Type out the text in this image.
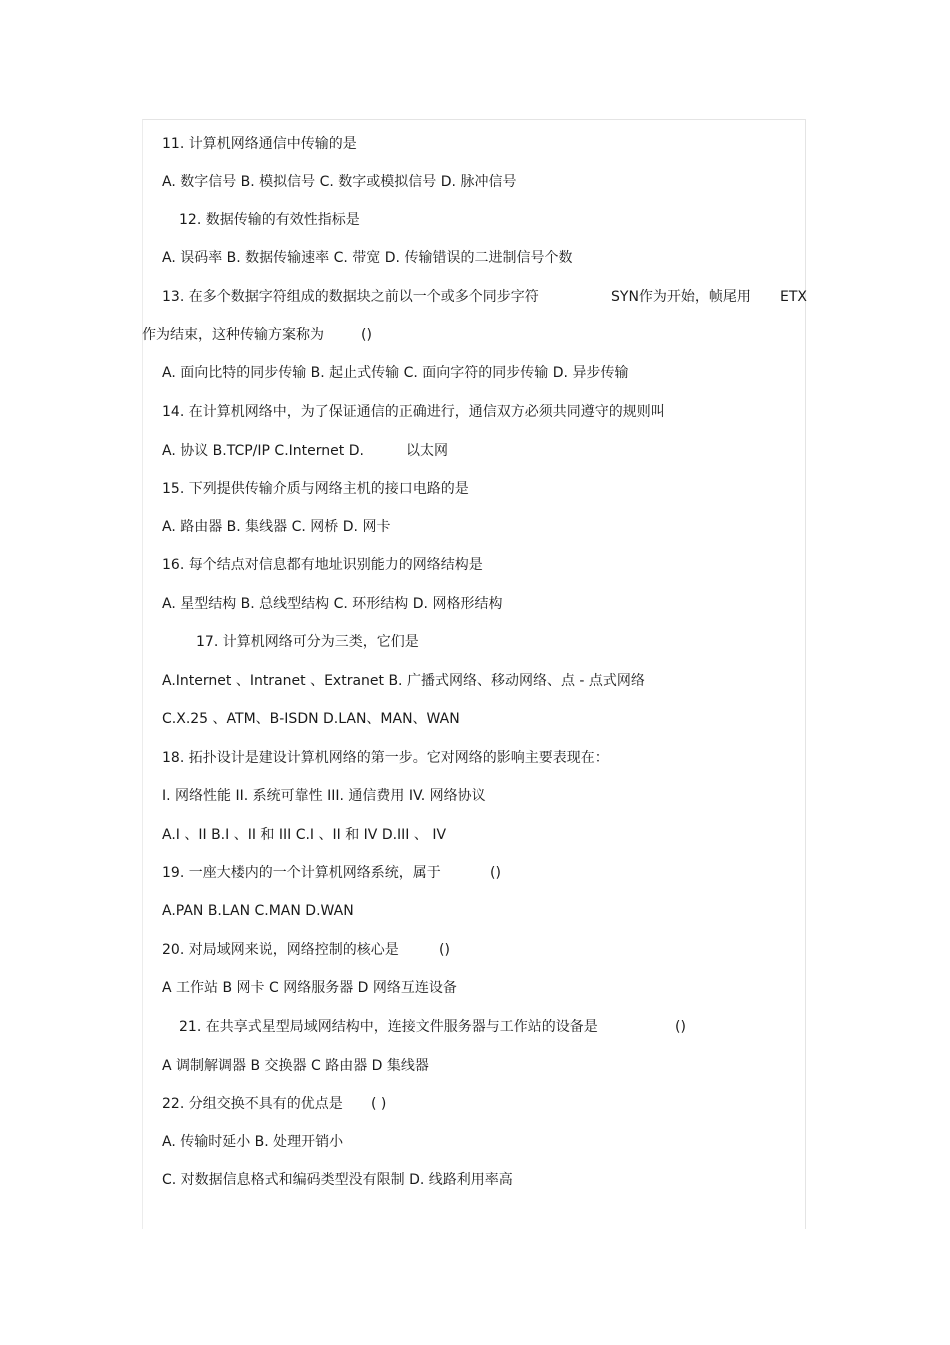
11. 计算机网络通信中传输的是
A. 数字信号 B. 模拟信号 C. 数字或模拟信号 D. 脉冲信号
12. 数据传输的有效性指标是
A. 误码率 B. 数据传输速率 C. 带宽 D. 传输错误的二进制信号个数
13. 在多个数据字符组成的数据块之前以一个或多个同步字符	SYN作为开始，帧尾用 ETX
作为结束，这种传输方案称为	()
A. 面向比特的同步传输 B. 起止式传输 C. 面向字符的同步传输 D. 异步传输
14. 在计算机网络中，为了保证通信的正确进行，通信双方必须共同遵守的规则叫
A. 协议 B.TCP/IP C.Internet D.	以太网
15. 下列提供传输介质与网络主机的接口电路的是
A. 路由器 B. 集线器 C. 网桥 D. 网卡
16. 每个结点对信息都有地址识别能力的网络结构是
A. 星型结构 B. 总线型结构 C. 环形结构 D. 网格形结构
17. 计算机网络可分为三类，它们是
A.Internet 、Intranet 、Extranet B. 广播式网络、移动网络、点 - 点式网络
C.X.25 、ATM、B-ISDN D.LAN、MAN、WAN
18. 拓扑设计是建设计算机网络的第一步。它对网络的影响主要表现在：
I. 网络性能 II. 系统可靠性 III. 通信费用 IV. 网络协议
A.I 、II B.I 、II 和 III C.I 、II 和 IV D.III 、 IV
19. 一座大楼内的一个计算机网络系统，属于	()
A.PAN B.LAN C.MAN D.WAN
20. 对局域网来说，网络控制的核心是	()
A 工作站 B 网卡 C 网络服务器 D 网络互连设备
21. 在共享式星型局域网结构中，连接文件服务器与工作站的设备是	()
A 调制解调器 B 交换器 C 路由器 D 集线器
22. 分组交换不具有的优点是 ( )
A. 传输时延小 B. 处理开销小
C. 对数据信息格式和编码类型没有限制 D. 线路利用率高
